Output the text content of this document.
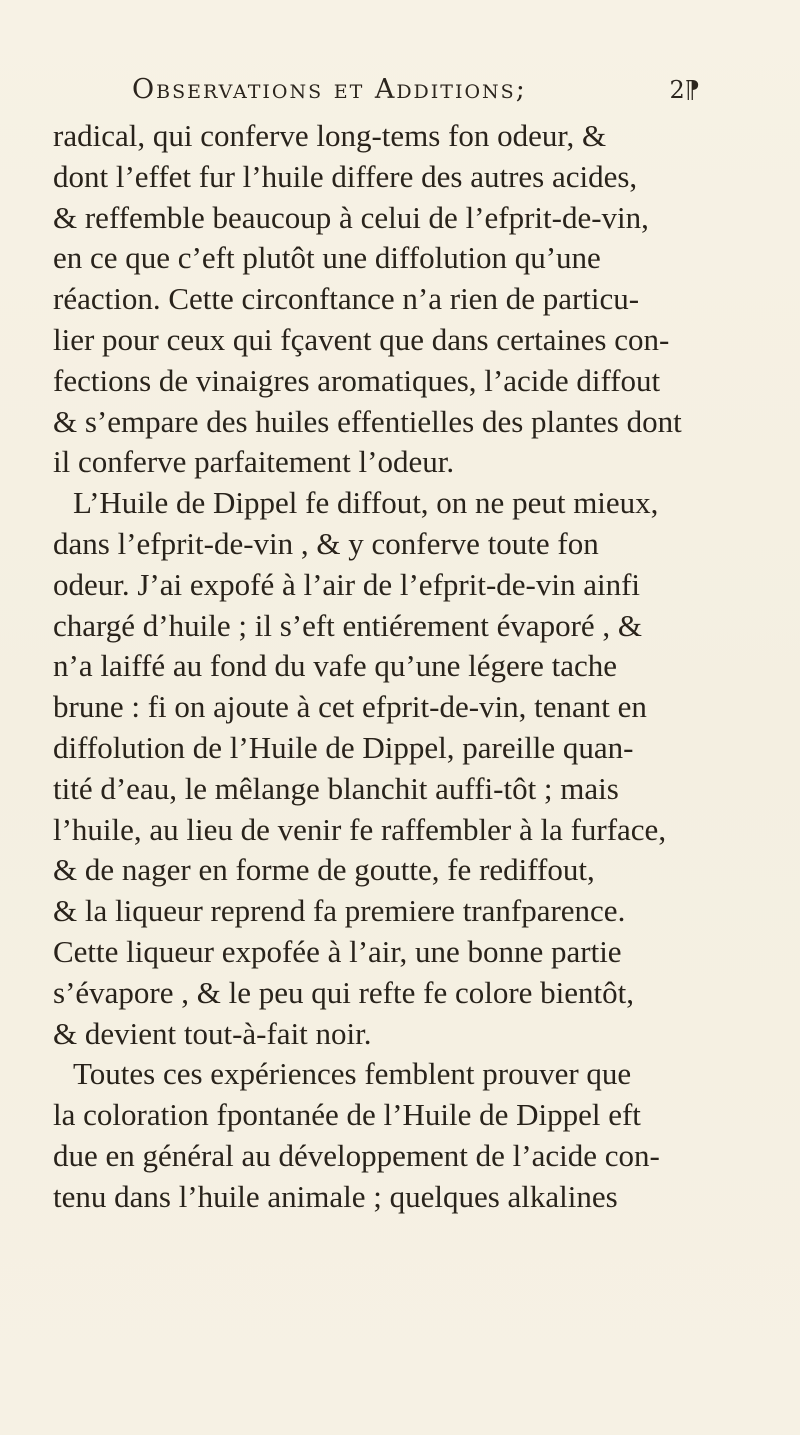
Observations et Additions;	2⁋
radical, qui conferve long-tems fon odeur, &
dont l’effet fur l’huile differe des autres acides,
& reffemble beaucoup à celui de l’efprit-de-vin,
en ce que c’eft plutôt une diffolution qu’une
réaction. Cette circonftance n’a rien de particu-
lier pour ceux qui fçavent que dans certaines con-
fections de vinaigres aromatiques, l’acide diffout
& s’empare des huiles effentielles des plantes dont
il conferve parfaitement l’odeur.
L’Huile de Dippel fe diffout, on ne peut mieux,
dans l’efprit-de-vin , & y conferve toute fon
odeur. J’ai expofé à l’air de l’efprit-de-vin ainfi
chargé d’huile ; il s’eft entiérement évaporé , &
n’a laiffé au fond du vafe qu’une légere tache
brune : fi on ajoute à cet efprit-de-vin, tenant en
diffolution de l’Huile de Dippel, pareille quan-
tité d’eau, le mêlange blanchit auffi-tôt ; mais
l’huile, au lieu de venir fe raffembler à la furface,
& de nager en forme de goutte, fe rediffout,
& la liqueur reprend fa premiere tranfparence.
Cette liqueur expofée à l’air, une bonne partie
s’évapore , & le peu qui refte fe colore bientôt,
& devient tout-à-fait noir.
Toutes ces expériences femblent prouver que
la coloration fpontanée de l’Huile de Dippel eft
due en général au développement de l’acide con-
tenu dans l’huile animale ; quelques alkalines
